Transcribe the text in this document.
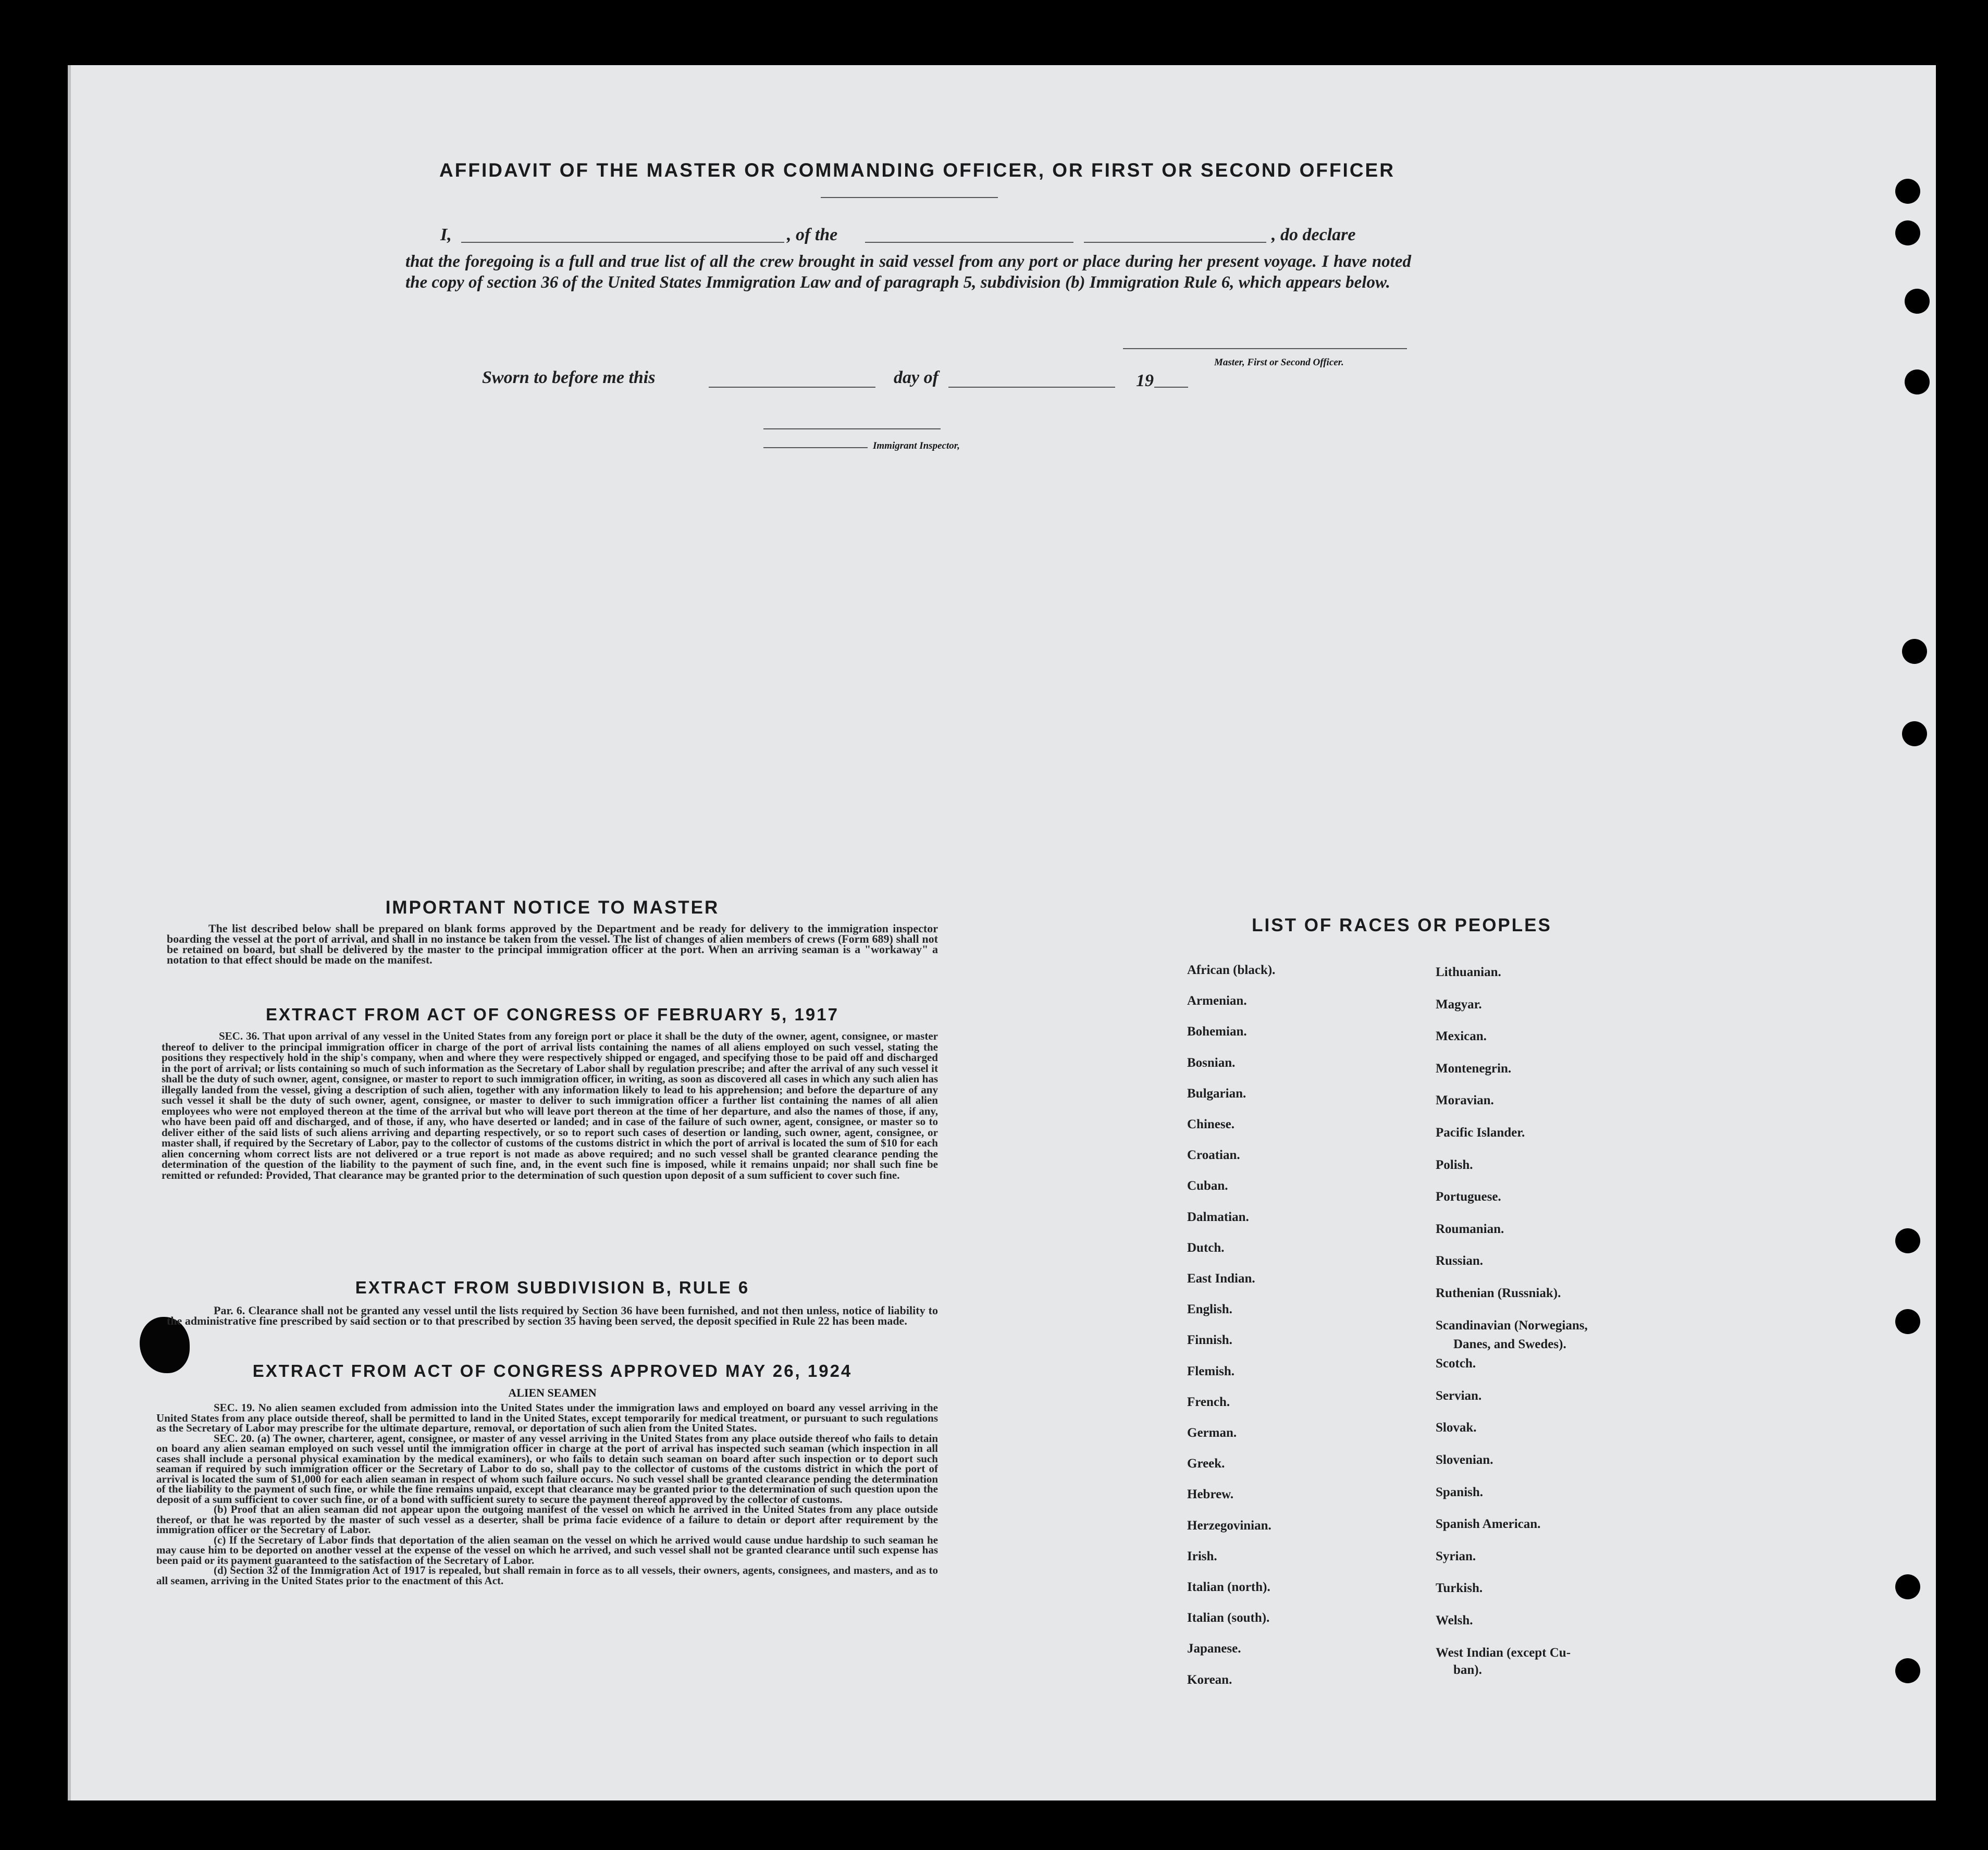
AFFIDAVIT OF THE MASTER OR COMMANDING OFFICER, OR FIRST OR SECOND OFFICER
I,	, of the	, do declare
that the foregoing is a full and true list of all the crew brought in said vessel from any port or place during her present voyage. I have noted the copy of section 36 of the United States Immigration Law and of paragraph 5, subdivision (b) Immigration Rule 6, which appears below.
Master, First or Second Officer.
Sworn to before me this	day of	19
Immigrant Inspector,
IMPORTANT NOTICE TO MASTER
The list described below shall be prepared on blank forms approved by the Department and be ready for delivery to the immigration inspector boarding the vessel at the port of arrival, and shall in no instance be taken from the vessel. The list of changes of alien members of crews (Form 689) shall not be retained on board, but shall be delivered by the master to the principal immigration officer at the port. When an arriving seaman is a "workaway" a notation to that effect should be made on the manifest.
EXTRACT FROM ACT OF CONGRESS OF FEBRUARY 5, 1917
SEC. 36. That upon arrival of any vessel in the United States from any foreign port or place it shall be the duty of the owner, agent, consignee, or master thereof to deliver to the principal immigration officer in charge of the port of arrival lists containing the names of all aliens employed on such vessel, stating the positions they respectively hold in the ship's company, when and where they were respectively shipped or engaged, and specifying those to be paid off and discharged in the port of arrival; or lists containing so much of such information as the Secretary of Labor shall by regulation prescribe; and after the arrival of any such vessel it shall be the duty of such owner, agent, consignee, or master to report to such immigration officer, in writing, as soon as discovered all cases in which any such alien has illegally landed from the vessel, giving a description of such alien, together with any information likely to lead to his apprehension; and before the departure of any such vessel it shall be the duty of such owner, agent, consignee, or master to deliver to such immigration officer a further list containing the names of all alien employees who were not employed thereon at the time of the arrival but who will leave port thereon at the time of her departure, and also the names of those, if any, who have been paid off and discharged, and of those, if any, who have deserted or landed; and in case of the failure of such owner, agent, consignee, or master so to deliver either of the said lists of such aliens arriving and departing respectively, or so to report such cases of desertion or landing, such owner, agent, consignee, or master shall, if required by the Secretary of Labor, pay to the collector of customs of the customs district in which the port of arrival is located the sum of $10 for each alien concerning whom correct lists are not delivered or a true report is not made as above required; and no such vessel shall be granted clearance pending the determination of the question of the liability to the payment of such fine, and, in the event such fine is imposed, while it remains unpaid; nor shall such fine be remitted or refunded: Provided, That clearance may be granted prior to the determination of such question upon deposit of a sum sufficient to cover such fine.
EXTRACT FROM SUBDIVISION B, RULE 6
Par. 6. Clearance shall not be granted any vessel until the lists required by Section 36 have been furnished, and not then unless, notice of liability to the administrative fine prescribed by said section or to that prescribed by section 35 having been served, the deposit specified in Rule 22 has been made.
EXTRACT FROM ACT OF CONGRESS APPROVED MAY 26, 1924
ALIEN SEAMEN

SEC. 19. No alien seamen excluded from admission into the United States under the immigration laws and employed on board any vessel arriving in the United States from any place outside thereof, shall be permitted to land in the United States, except temporarily for medical treatment, or pursuant to such regulations as the Secretary of Labor may prescribe for the ultimate departure, removal, or deportation of such alien from the United States.

SEC. 20. (a) The owner, charterer, agent, consignee, or master of any vessel arriving in the United States from any place outside thereof who fails to detain on board any alien seaman employed on such vessel until the immigration officer in charge at the port of arrival has inspected such seaman (which inspection in all cases shall include a personal physical examination by the medical examiners), or who fails to detain such seaman on board after such inspection or to deport such seaman if required by such immigration officer or the Secretary of Labor to do so, shall pay to the collector of customs of the customs district in which the port of arrival is located the sum of $1,000 for each alien seaman in respect of whom such failure occurs. No such vessel shall be granted clearance pending the determination of the liability to the payment of such fine, or while the fine remains unpaid, except that clearance may be granted prior to the determination of such question upon the deposit of a sum sufficient to cover such fine, or of a bond with sufficient surety to secure the payment thereof approved by the collector of customs.

(b) Proof that an alien seaman did not appear upon the outgoing manifest of the vessel on which he arrived in the United States from any place outside thereof, or that he was reported by the master of such vessel as a deserter, shall be prima facie evidence of a failure to detain or deport after requirement by the immigration officer or the Secretary of Labor.

(c) If the Secretary of Labor finds that deportation of the alien seaman on the vessel on which he arrived would cause undue hardship to such seaman he may cause him to be deported on another vessel at the expense of the vessel on which he arrived, and such vessel shall not be granted clearance until such expense has been paid or its payment guaranteed to the satisfaction of the Secretary of Labor.

(d) Section 32 of the Immigration Act of 1917 is repealed, but shall remain in force as to all vessels, their owners, agents, consignees, and masters, and as to all seamen, arriving in the United States prior to the enactment of this Act.

LIST OF RACES OR PEOPLES
African (black).
Armenian.
Bohemian.
Bosnian.
Bulgarian.
Chinese.
Croatian.
Cuban.
Dalmatian.
Dutch.
East Indian.
English.
Finnish.
Flemish.
French.
German.
Greek.
Hebrew.
Herzegovinian.
Irish.
Italian (north).
Italian (south).
Japanese.
Korean.
Lithuanian.
Magyar.
Mexican.
Montenegrin.
Moravian.
Pacific Islander.
Polish.
Portuguese.
Roumanian.
Russian.
Ruthenian (Russniak).
Scandinavian (Norwegians,
Danes, and Swedes).
Scotch.
Servian.
Slovak.
Slovenian.
Spanish.
Spanish American.
Syrian.
Turkish.
Welsh.
West Indian (except Cu-
ban).
